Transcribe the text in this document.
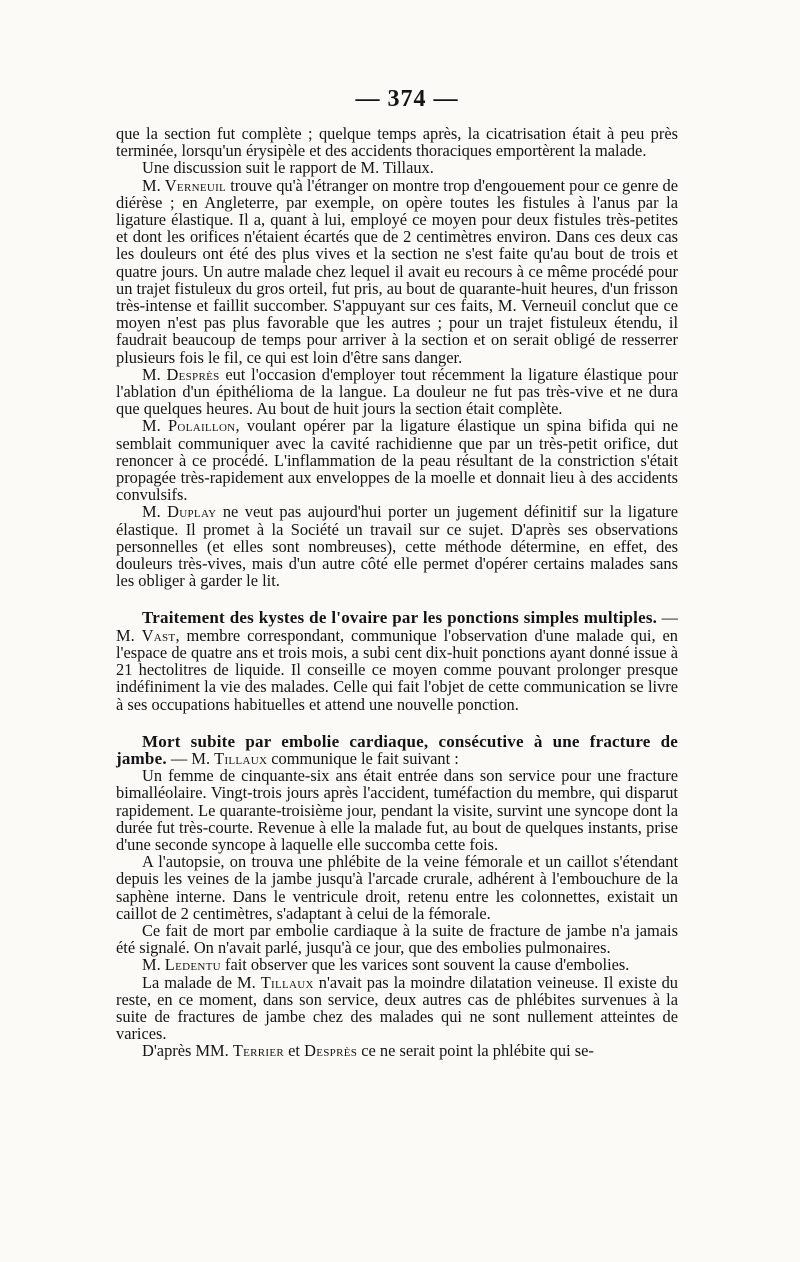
— 374 —

que la section fut complète ; quelque temps après, la cicatrisation était à peu près terminée, lorsqu'un érysipèle et des accidents thoraciques emportèrent la malade.

Une discussion suit le rapport de M. Tillaux.

M. Verneuil trouve qu'à l'étranger on montre trop d'engouement pour ce genre de diérèse ; en Angleterre, par exemple, on opère toutes les fistules à l'anus par la ligature élastique. Il a, quant à lui, employé ce moyen pour deux fistules très-petites et dont les orifices n'étaient écartés que de 2 centimètres environ. Dans ces deux cas les douleurs ont été des plus vives et la section ne s'est faite qu'au bout de trois et quatre jours. Un autre malade chez lequel il avait eu recours à ce même procédé pour un trajet fistuleux du gros orteil, fut pris, au bout de quarante-huit heures, d'un frisson très-intense et faillit succomber. S'appuyant sur ces faits, M. Verneuil conclut que ce moyen n'est pas plus favorable que les autres ; pour un trajet fistuleux étendu, il faudrait beaucoup de temps pour arriver à la section et on serait obligé de resserrer plusieurs fois le fil, ce qui est loin d'être sans danger.

M. Desprès eut l'occasion d'employer tout récemment la ligature élastique pour l'ablation d'un épithélioma de la langue. La douleur ne fut pas très-vive et ne dura que quelques heures. Au bout de huit jours la section était complète.

M. Polaillon, voulant opérer par la ligature élastique un spina bifida qui ne semblait communiquer avec la cavité rachidienne que par un très-petit orifice, dut renoncer à ce procédé. L'inflammation de la peau résultant de la constriction s'était propagée très-rapidement aux enveloppes de la moelle et donnait lieu à des accidents convulsifs.

M. Duplay ne veut pas aujourd'hui porter un jugement définitif sur la ligature élastique. Il promet à la Société un travail sur ce sujet. D'après ses observations personnelles (et elles sont nombreuses), cette méthode détermine, en effet, des douleurs très-vives, mais d'un autre côté elle permet d'opérer certains malades sans les obliger à garder le lit.

Traitement des kystes de l'ovaire par les ponctions simples multiples. — M. Vast, membre correspondant, communique l'observation d'une malade qui, en l'espace de quatre ans et trois mois, a subi cent dix-huit ponctions ayant donné issue à 21 hectolitres de liquide. Il conseille ce moyen comme pouvant prolonger presque indéfiniment la vie des malades. Celle qui fait l'objet de cette communication se livre à ses occupations habituelles et attend une nouvelle ponction.

Mort subite par embolie cardiaque, consécutive à une fracture de jambe. — M. Tillaux communique le fait suivant :

Un femme de cinquante-six ans était entrée dans son service pour une fracture bimalléolaire. Vingt-trois jours après l'accident, tuméfaction du membre, qui disparut rapidement. Le quarante-troisième jour, pendant la visite, survint une syncope dont la durée fut très-courte. Revenue à elle la malade fut, au bout de quelques instants, prise d'une seconde syncope à laquelle elle succomba cette fois.

A l'autopsie, on trouva une phlébite de la veine fémorale et un caillot s'étendant depuis les veines de la jambe jusqu'à l'arcade crurale, adhérent à l'embouchure de la saphène interne. Dans le ventricule droit, retenu entre les colonnettes, existait un caillot de 2 centimètres, s'adaptant à celui de la fémorale.

Ce fait de mort par embolie cardiaque à la suite de fracture de jambe n'a jamais été signalé. On n'avait parlé, jusqu'à ce jour, que des embolies pulmonaires.

M. Ledentu fait observer que les varices sont souvent la cause d'embolies.

La malade de M. Tillaux n'avait pas la moindre dilatation veineuse. Il existe du reste, en ce moment, dans son service, deux autres cas de phlébites survenues à la suite de fractures de jambe chez des malades qui ne sont nullement atteintes de varices.

D'après MM. Terrier et Desprès ce ne serait point la phlébite qui se-
